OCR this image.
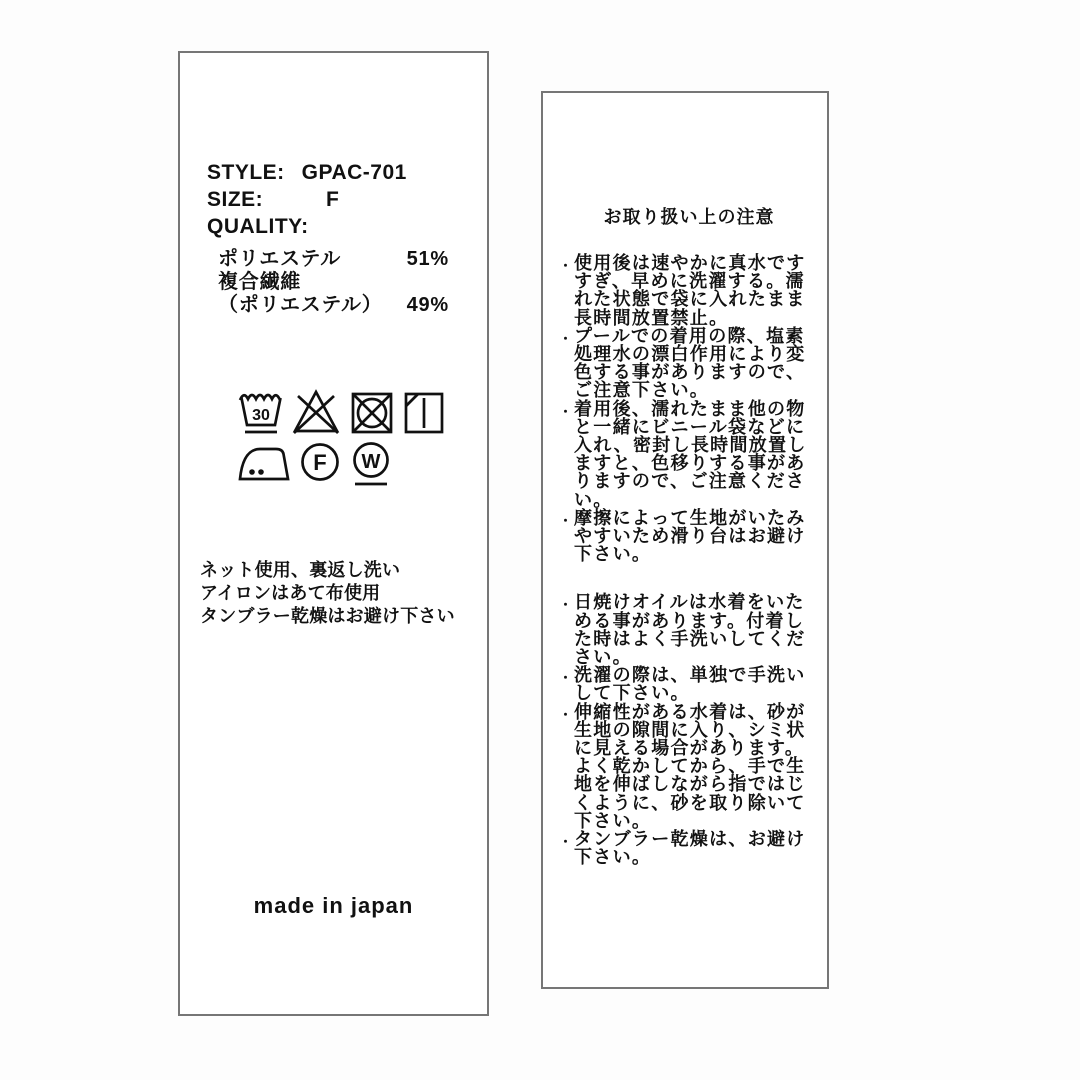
STYLE: GPAC-701
SIZE:	F
QUALITY:
ポリエステル	51%
複合繊維
（ポリエステル） 49%
30
F W
ネット使用、裏返し洗い
アイロンはあて布使用
タンブラー乾燥はお避け下さい
made in japan
お取り扱い上の注意
・ 使用後は速やかに真水ですすぎ、早めに洗濯する。濡れた状態で袋に入れたまま長時間放置禁止。
・ プールでの着用の際、塩素処理水の漂白作用により変色する事がありますので、ご注意下さい。
・ 着用後、濡れたまま他の物と一緒にビニール袋などに入れ、密封し長時間放置しますと、色移りする事がありますので、ご注意ください。
・ 摩擦によって生地がいたみやすいため滑り台はお避け下さい。
・ 日焼けオイルは水着をいためる事があります。付着した時はよく手洗いしてください。
・ 洗濯の際は、単独で手洗いして下さい。
・ 伸縮性がある水着は、砂が生地の隙間に入り、シミ状に見える場合があります。よく乾かしてから、手で生地を伸ばしながら指ではじくように、砂を取り除いて下さい。
・ タンブラー乾燥は、お避け下さい。
